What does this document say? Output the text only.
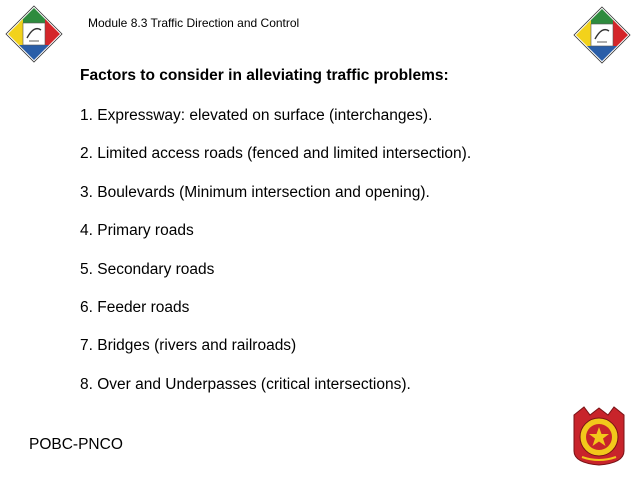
Module 8.3 Traffic Direction and Control
Factors to consider in alleviating traffic problems:
1. Expressway: elevated on surface (interchanges).
2. Limited access roads (fenced and limited intersection).
3. Boulevards (Minimum intersection and opening).
4. Primary roads
5. Secondary roads
6. Feeder roads
7. Bridges (rivers and railroads)
8. Over and Underpasses (critical intersections).
POBC-PNCO
